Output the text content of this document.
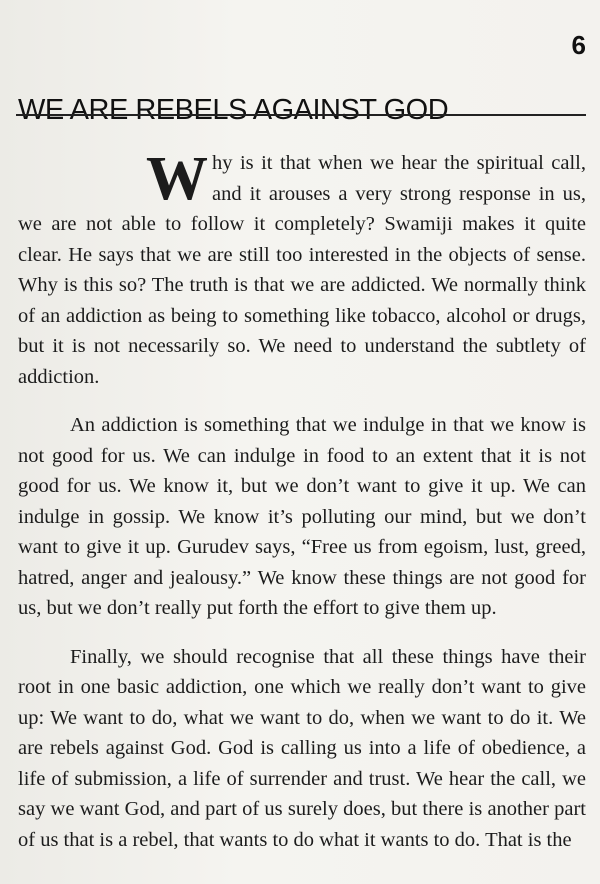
6
WE ARE REBELS AGAINST GOD

W hy is it that when we hear the spiritual call, and it arouses a very strong response in us, we are not able to follow it completely? Swamiji makes it quite clear. He says that we are still too interested in the objects of sense. Why is this so? The truth is that we are addicted. We normally think of an addiction as being to something like tobacco, alcohol or drugs, but it is not necessarily so. We need to understand the subtlety of addiction.

An addiction is something that we indulge in that we know is not good for us. We can indulge in food to an extent that it is not good for us. We know it, but we don’t want to give it up. We can indulge in gossip. We know it’s polluting our mind, but we don’t want to give it up. Gurudev says, “Free us from egoism, lust, greed, hatred, anger and jealousy.” We know these things are not good for us, but we don’t really put forth the effort to give them up.

Finally, we should recognise that all these things have their root in one basic addiction, one which we really don’t want to give up: We want to do, what we want to do, when we want to do it. We are rebels against God. God is calling us into a life of obedience, a life of submission, a life of surrender and trust. We hear the call, we say we want God, and part of us surely does, but there is another part of us that is a rebel, that wants to do what it wants to do. That is the
